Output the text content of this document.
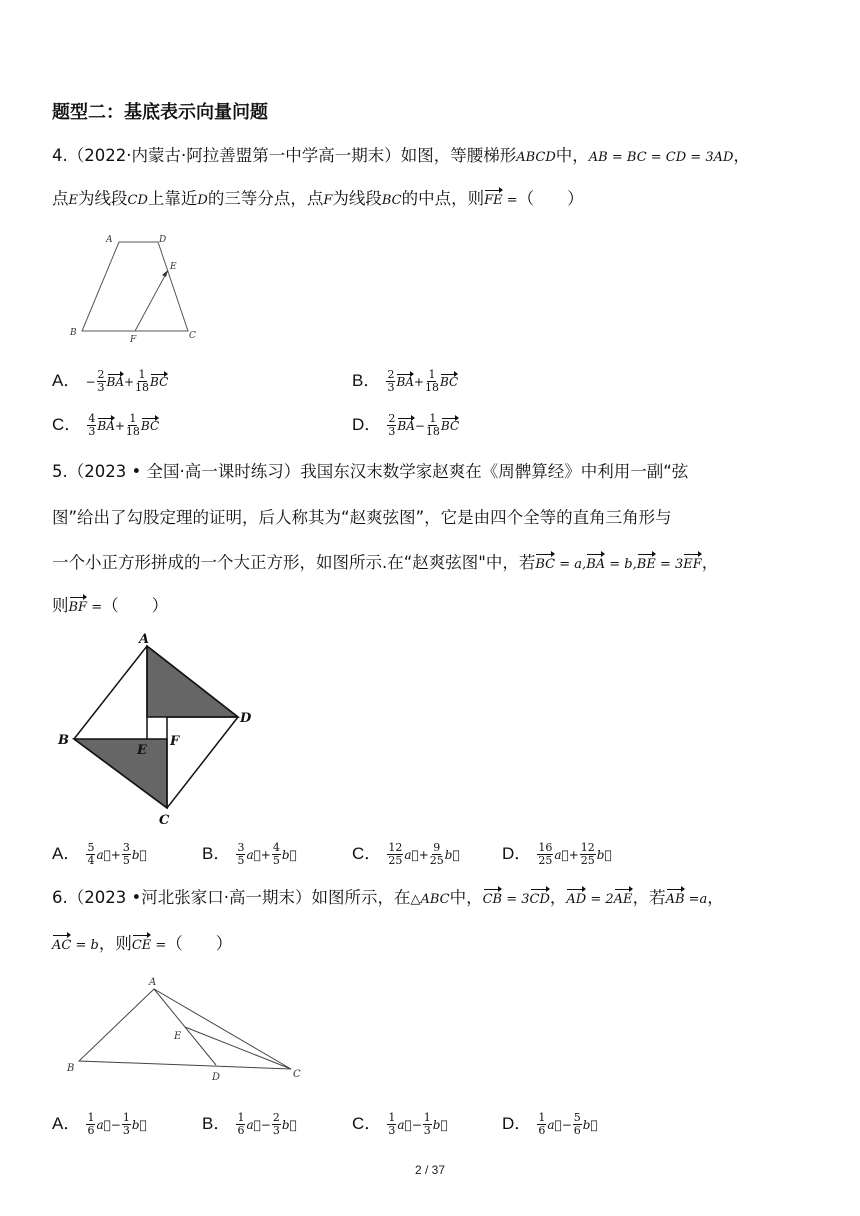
题型二：基底表示向量问题
4.（2022·内蒙古·阿拉善盟第一中学高一期末）如图，等腰梯形ABCD中，AB = BC = CD = 3AD，
点E为线段CD上靠近D的三等分点，点F为线段BC的中点，则FE =（　　）
A	D
E
B	C
F
A． − $\frac{2}{3} BA+ \frac{1}{18}$ BC	B． $\frac{2}{3} BA+ \frac{1}{18}$ BC
C． $\frac{4}{3} BA+ \frac{1}{18}$ BC	D． $\frac{2}{3} BA- \frac{1}{18}$ BC
5.（2023 • 全国·高一课时练习）我国东汉末数学家赵爽在《周髀算经》中利用一副“弦
图”给出了勾股定理的证明，后人称其为“赵爽弦图”，它是由四个全等的直角三角形与
一个小正方形拼成的一个大正方形，如图所示.在“赵爽弦图"中，若BC = a,BA = b,BE = 3EF，
则BF =（　　）
A
D
B
E
F
C
A． $\frac{5}{4}$ a⃗+ $\frac{3}{5}$ b⃗	B． $\frac{3}{5}$ a⃗+ $\frac{4}{5}$ b⃗	C． $\frac{12}{25}$ a⃗+ $\frac{9}{25}$ b⃗ D． $\frac{16}{25}$ a⃗+ $\frac{12}{25}$ b⃗
6.（2023 •河北张家口·高一期末）如图所示，在△ABC中，CB = 3CD，AD = 2AE，若AB =a，
AC = b，则CE =（　　）
A
E
B
D	C
A． $\frac{1}{6}$ a⃗− $\frac{1}{3}$ b⃗	B． $\frac{1}{6}$ a⃗− $\frac{2}{3}$ b⃗	C． $\frac{1}{3}$ a⃗− $\frac{1}{3}$ b⃗	D． $\frac{1}{6}$ a⃗− $\frac{5}{6}$ b⃗
2 / 37
